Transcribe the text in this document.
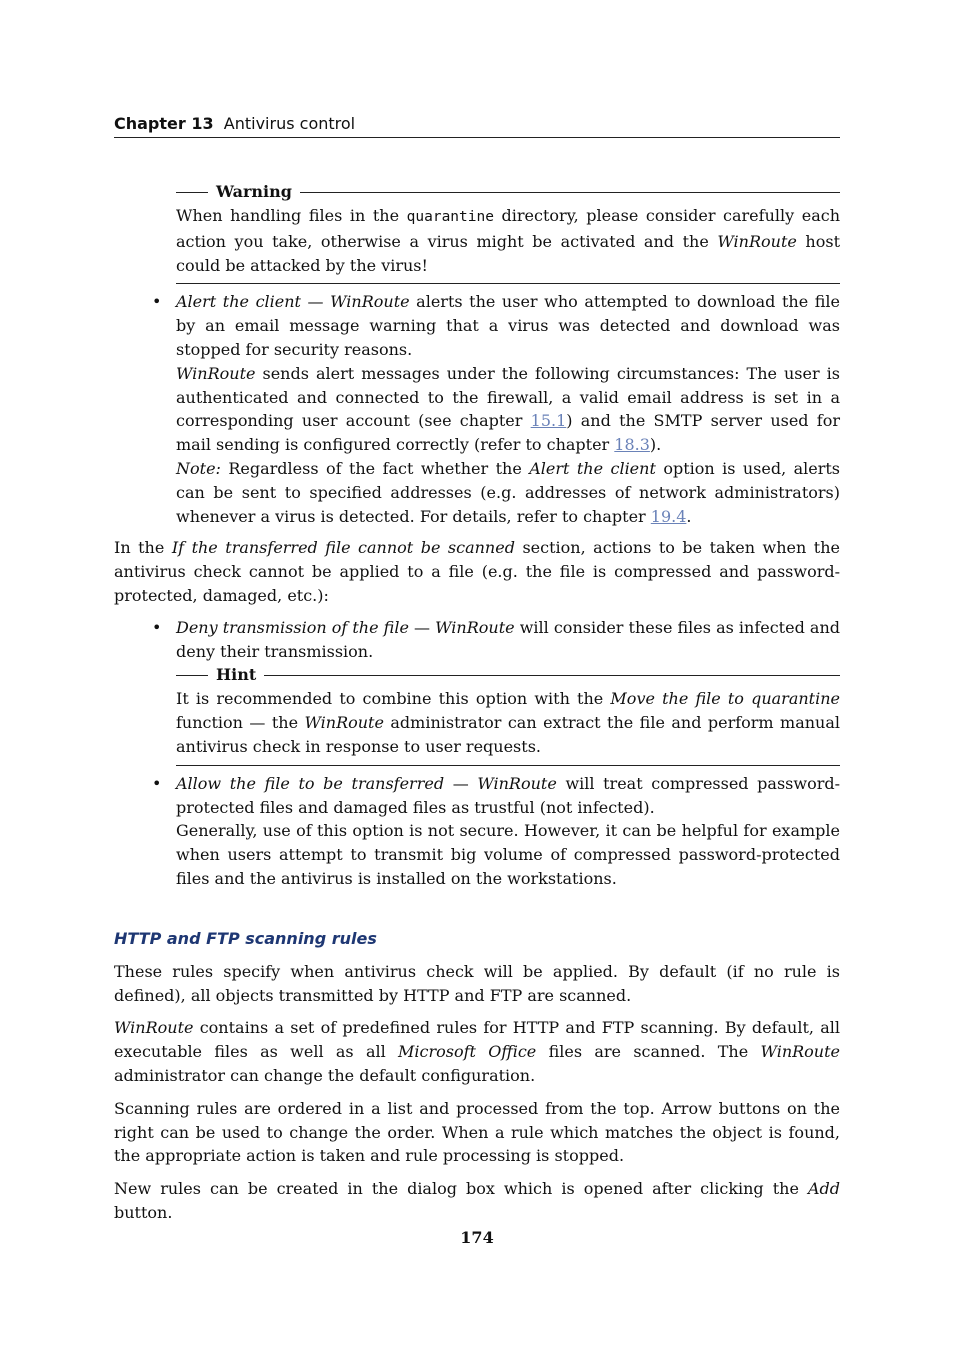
Chapter 13 Antivirus control
Warning

When handling files in the quarantine directory, please consider carefully each action you take, otherwise a virus might be activated and the WinRoute host could be attacked by the virus!

• Alert the client — WinRoute alerts the user who attempted to download the file by an email message warning that a virus was detected and download was stopped for security reasons.

WinRoute sends alert messages under the following circumstances: The user is authenticated and connected to the firewall, a valid email address is set in a corresponding user account (see chapter 15.1) and the SMTP server used for mail sending is configured correctly (refer to chapter 18.3).

Note: Regardless of the fact whether the Alert the client option is used, alerts can be sent to specified addresses (e.g. addresses of network administrators) whenever a virus is detected. For details, refer to chapter 19.4.

In the If the transferred file cannot be scanned section, actions to be taken when the antivirus check cannot be applied to a file (e.g. the file is compressed and password-protected, damaged, etc.):

• Deny transmission of the file — WinRoute will consider these files as infected and deny their transmission.

Hint

It is recommended to combine this option with the Move the file to quarantine function — the WinRoute administrator can extract the file and perform manual antivirus check in response to user requests.

• Allow the file to be transferred — WinRoute will treat compressed password-protected files and damaged files as trustful (not infected).

Generally, use of this option is not secure. However, it can be helpful for example when users attempt to transmit big volume of compressed password-protected files and the antivirus is installed on the workstations.

HTTP and FTP scanning rules

These rules specify when antivirus check will be applied. By default (if no rule is defined), all objects transmitted by HTTP and FTP are scanned.

WinRoute contains a set of predefined rules for HTTP and FTP scanning. By default, all executable files as well as all Microsoft Office files are scanned. The WinRoute administrator can change the default configuration.

Scanning rules are ordered in a list and processed from the top. Arrow buttons on the right can be used to change the order. When a rule which matches the object is found, the appropriate action is taken and rule processing is stopped.

New rules can be created in the dialog box which is opened after clicking the Add button.

174
